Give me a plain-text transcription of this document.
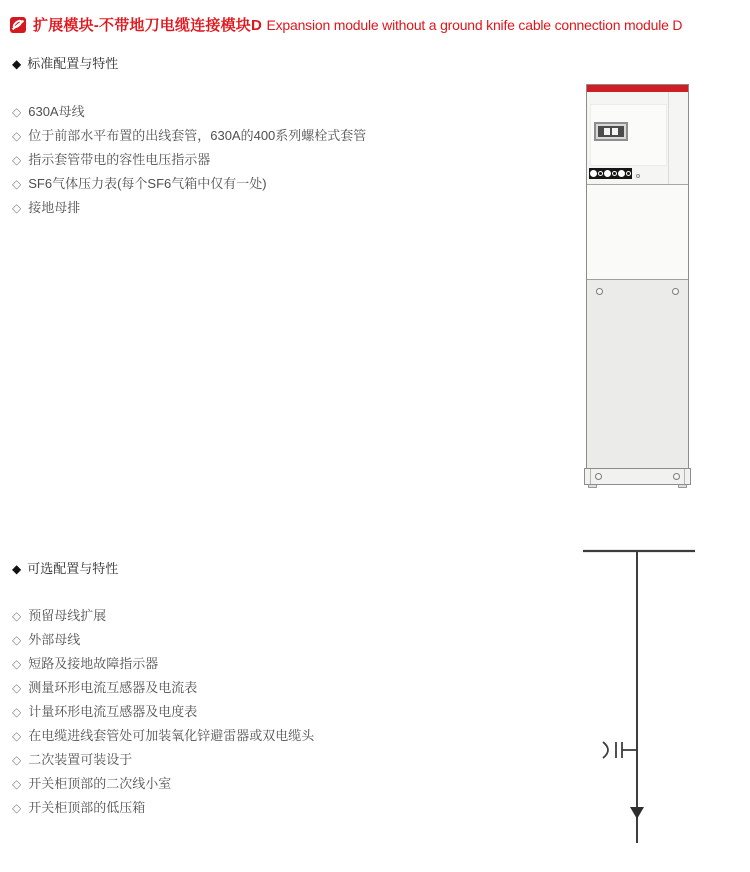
扩展模块-不带地刀电缆连接模块D Expansion module without a ground knife cable connection module D
◆ 标准配置与特性
◇ 630A母线
◇ 位于前部水平布置的出线套管，630A的400系列螺栓式套管
◇ 指示套管带电的容性电压指示器
◇ SF6气体压力表(每个SF6气箱中仅有一处)
◇ 接地母排
◆ 可选配置与特性
◇ 预留母线扩展
◇ 外部母线
◇ 短路及接地故障指示器
◇ 测量环形电流互感器及电流表
◇ 计量环形电流互感器及电度表
◇ 在电缆进线套管处可加装氧化锌避雷器或双电缆头
◇ 二次装置可装设于
◇ 开关柜顶部的二次线小室
◇ 开关柜顶部的低压箱
